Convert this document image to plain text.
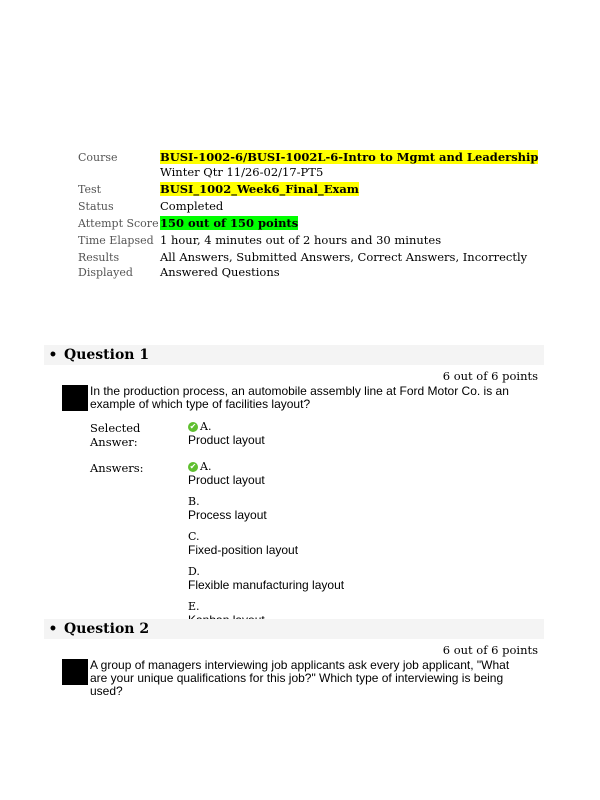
Course	BUSI-1002-6/BUSI-1002L-6-Intro to Mgmt and Leadership Winter Qtr 11/26-02/17-PT5
Test	BUSI_1002_Week6_Final_Exam
Status	Completed
Attempt Score 150 out of 150 points
Time Elapsed 1 hour, 4 minutes out of 2 hours and 30 minutes
Results Displayed
All Answers, Submitted Answers, Correct Answers, Incorrectly Answered Questions
• Question 1
6 out of 6 points
In the production process, an automobile assembly line at Ford Motor Co. is an example of which type of facilities layout?
Selected Answer:
✔ A.
Product layout
Answers:	✔ A.
Product layout
B.
Process layout
C.
Fixed-position layout
D.
Flexible manufacturing layout
E.
• Question 2
6 out of 6 points
A group of managers interviewing job applicants ask every job applicant, "What are your unique qualifications for this job?" Which type of interviewing is being used?
